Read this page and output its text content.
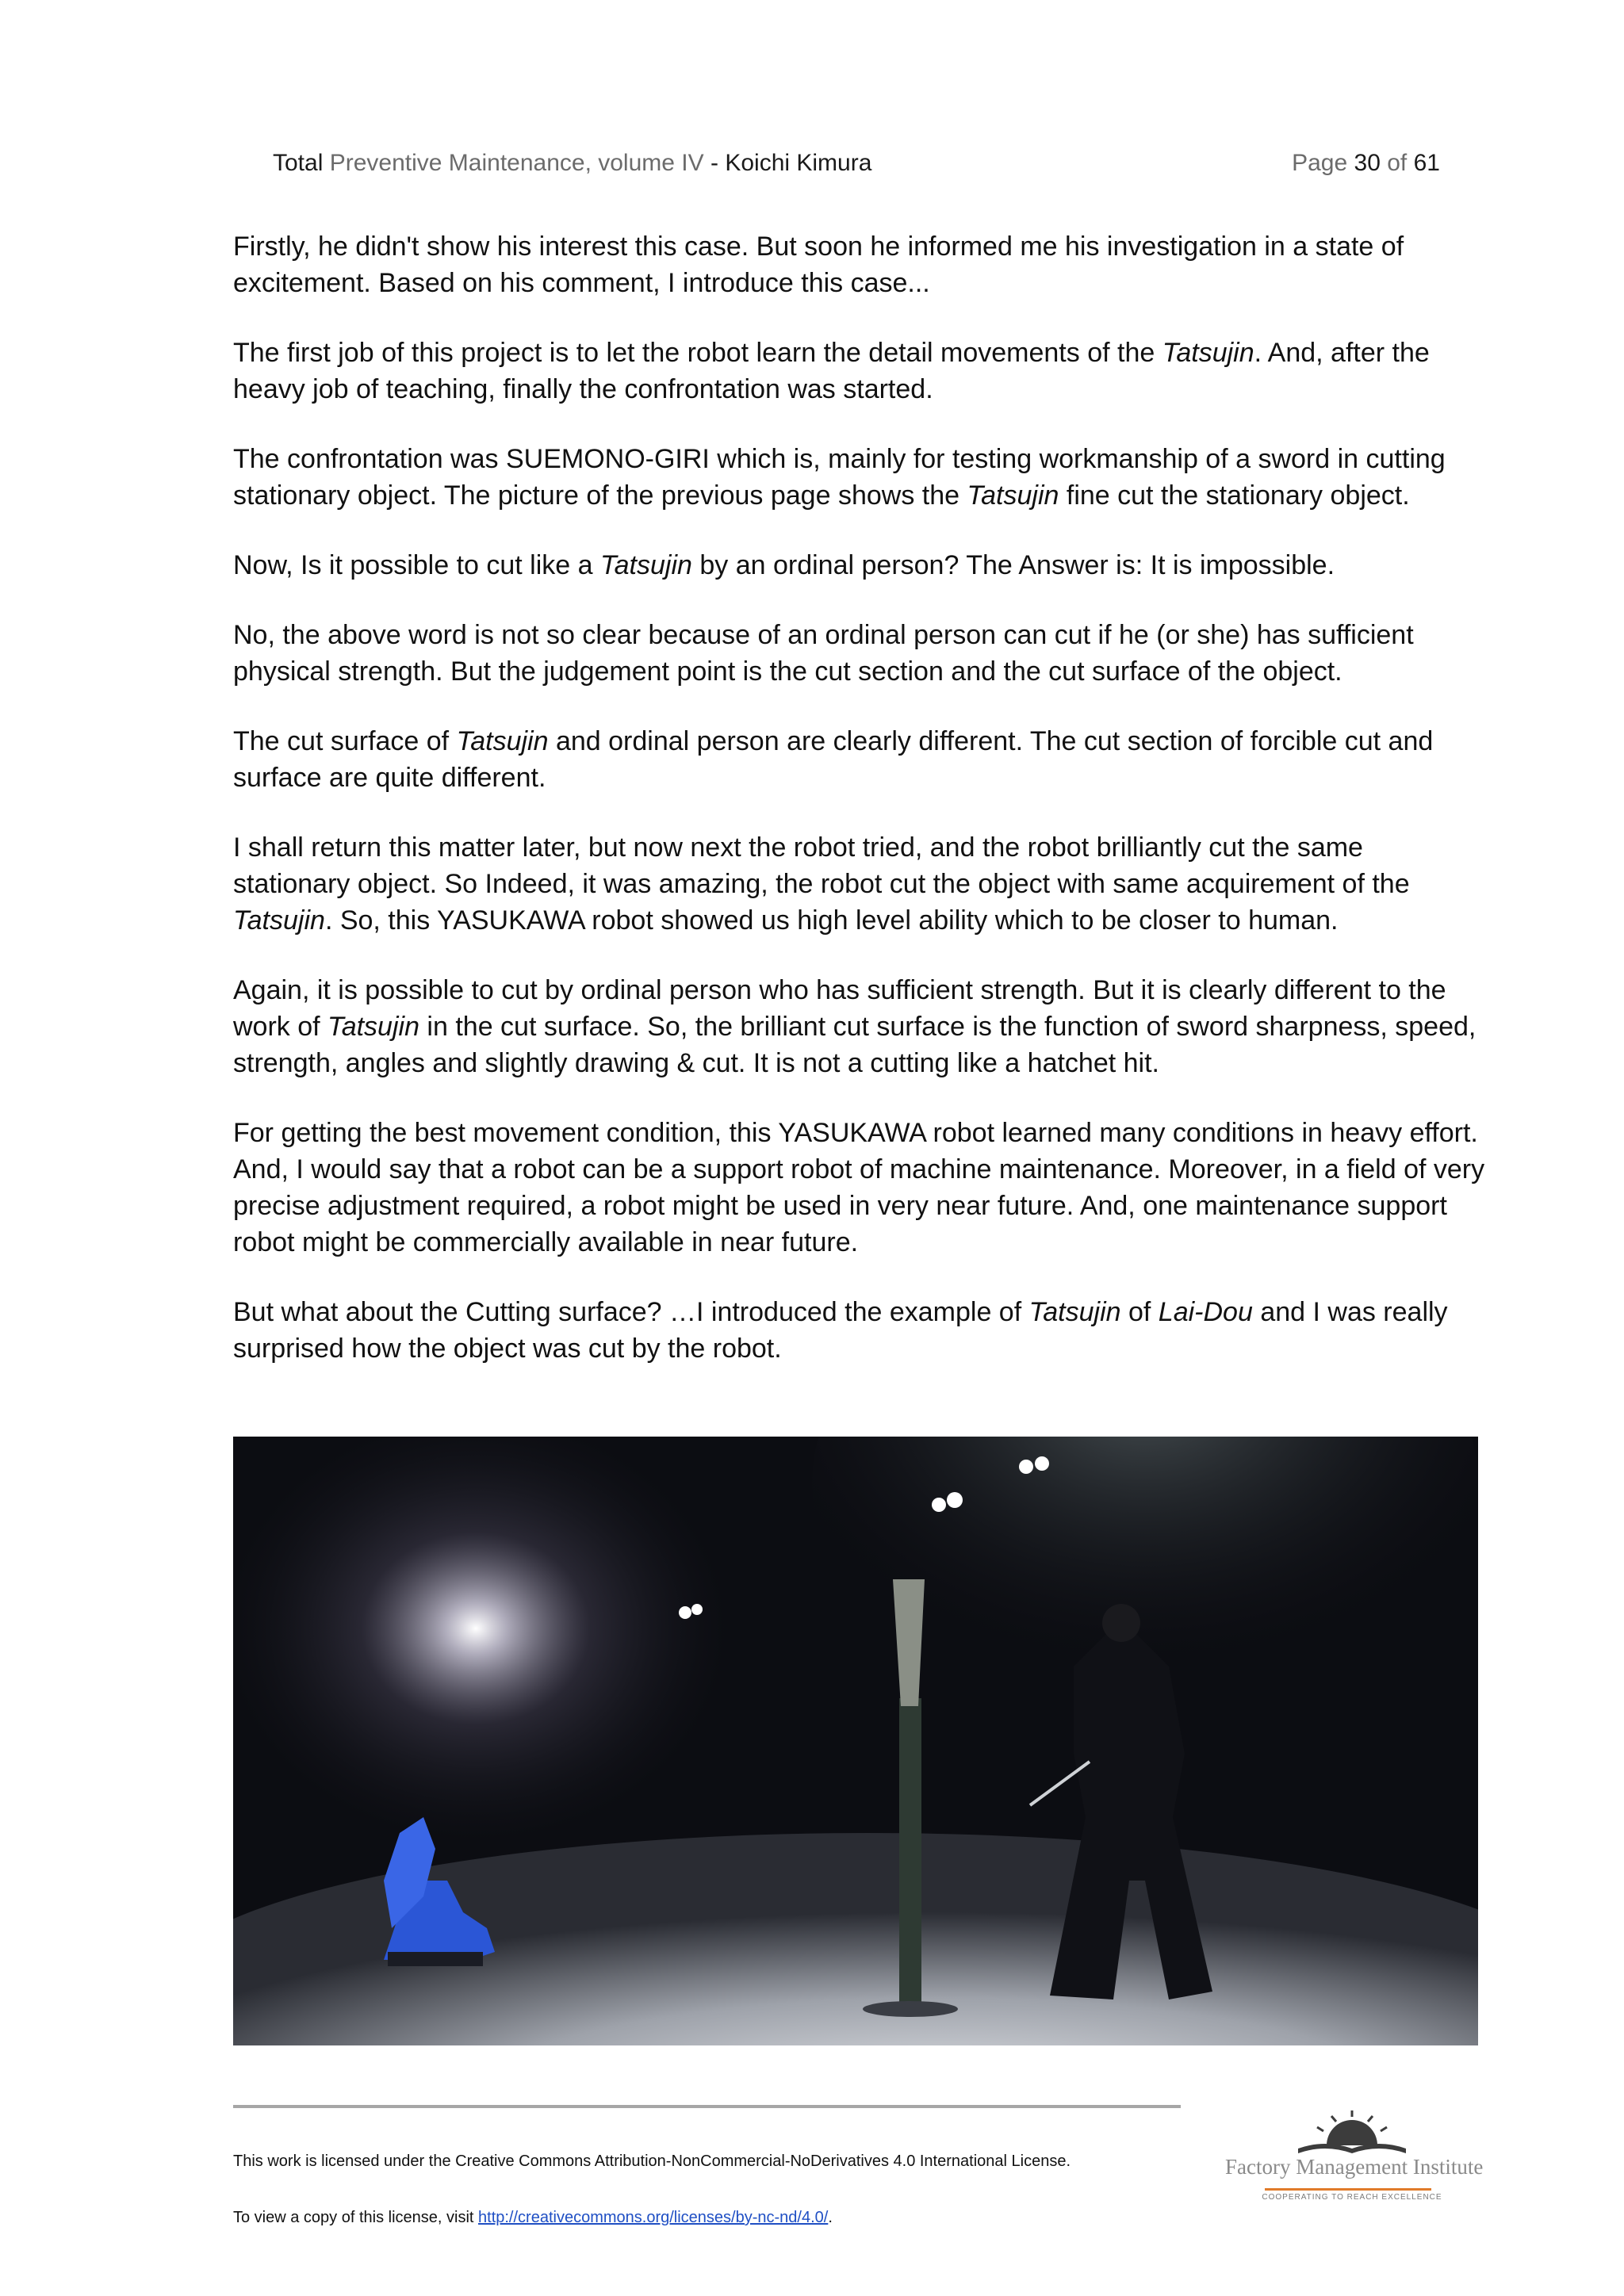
Total Preventive Maintenance, volume IV - Koichi Kimura	Page 30 of 61

Firstly, he didn't show his interest this case. But soon he informed me his investigation in a state of excitement. Based on his comment, I introduce this case...

The first job of this project is to let the robot learn the detail movements of the Tatsujin. And, after the heavy job of teaching, finally the confrontation was started.

The confrontation was SUEMONO-GIRI which is, mainly for testing workmanship of a sword in cutting stationary object. The picture of the previous page shows the Tatsujin fine cut the stationary object.

Now, Is it possible to cut like a Tatsujin by an ordinal person? The Answer is: It is impossible.

No, the above word is not so clear because of an ordinal person can cut if he (or she) has sufficient physical strength. But the judgement point is the cut section and the cut surface of the object.

The cut surface of Tatsujin and ordinal person are clearly different. The cut section of forcible cut and surface are quite different.

I shall return this matter later, but now next the robot tried, and the robot brilliantly cut the same stationary object. So Indeed, it was amazing, the robot cut the object with same acquirement of the Tatsujin. So, this YASUKAWA robot showed us high level ability which to be closer to human.

Again, it is possible to cut by ordinal person who has sufficient strength. But it is clearly different to the work of Tatsujin in the cut surface. So, the brilliant cut surface is the function of sword sharpness, speed, strength, angles and slightly drawing & cut. It is not a cutting like a hatchet hit.

For getting the best movement condition, this YASUKAWA robot learned many conditions in heavy effort. And, I would say that a robot can be a support robot of machine maintenance. Moreover, in a field of very precise adjustment required, a robot might be used in very near future. And, one maintenance support robot might be commercially available in near future.

But what about the Cutting surface? …I introduced the example of Tatsujin of Lai-Dou and I was really surprised how the object was cut by the robot.

This work is licensed under the Creative Commons Attribution-NonCommercial-NoDerivatives 4.0 International License.
To view a copy of this license, visit http://creativecommons.org/licenses/by-nc-nd/4.0/.
Factory Management Institute
COOPERATING TO REACH EXCELLENCE
